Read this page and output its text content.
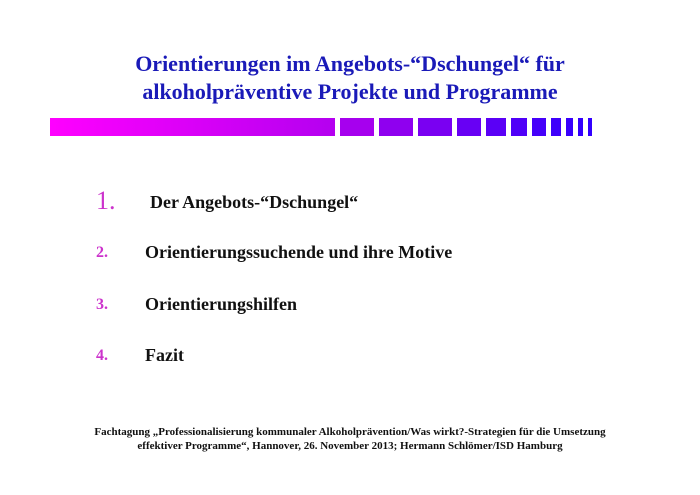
Orientierungen im Angebots-“Dschungel“ für
alkoholpräventive Projekte und Programme
1. Der Angebots-“Dschungel“
2. Orientierungssuchende und ihre Motive
3. Orientierungshilfen
4. Fazit
Fachtagung „Professionalisierung kommunaler Alkoholprävention/Was wirkt?-Strategien für die Umsetzung
effektiver Programme“, Hannover, 26. November 2013; Hermann Schlömer/ISD Hamburg
